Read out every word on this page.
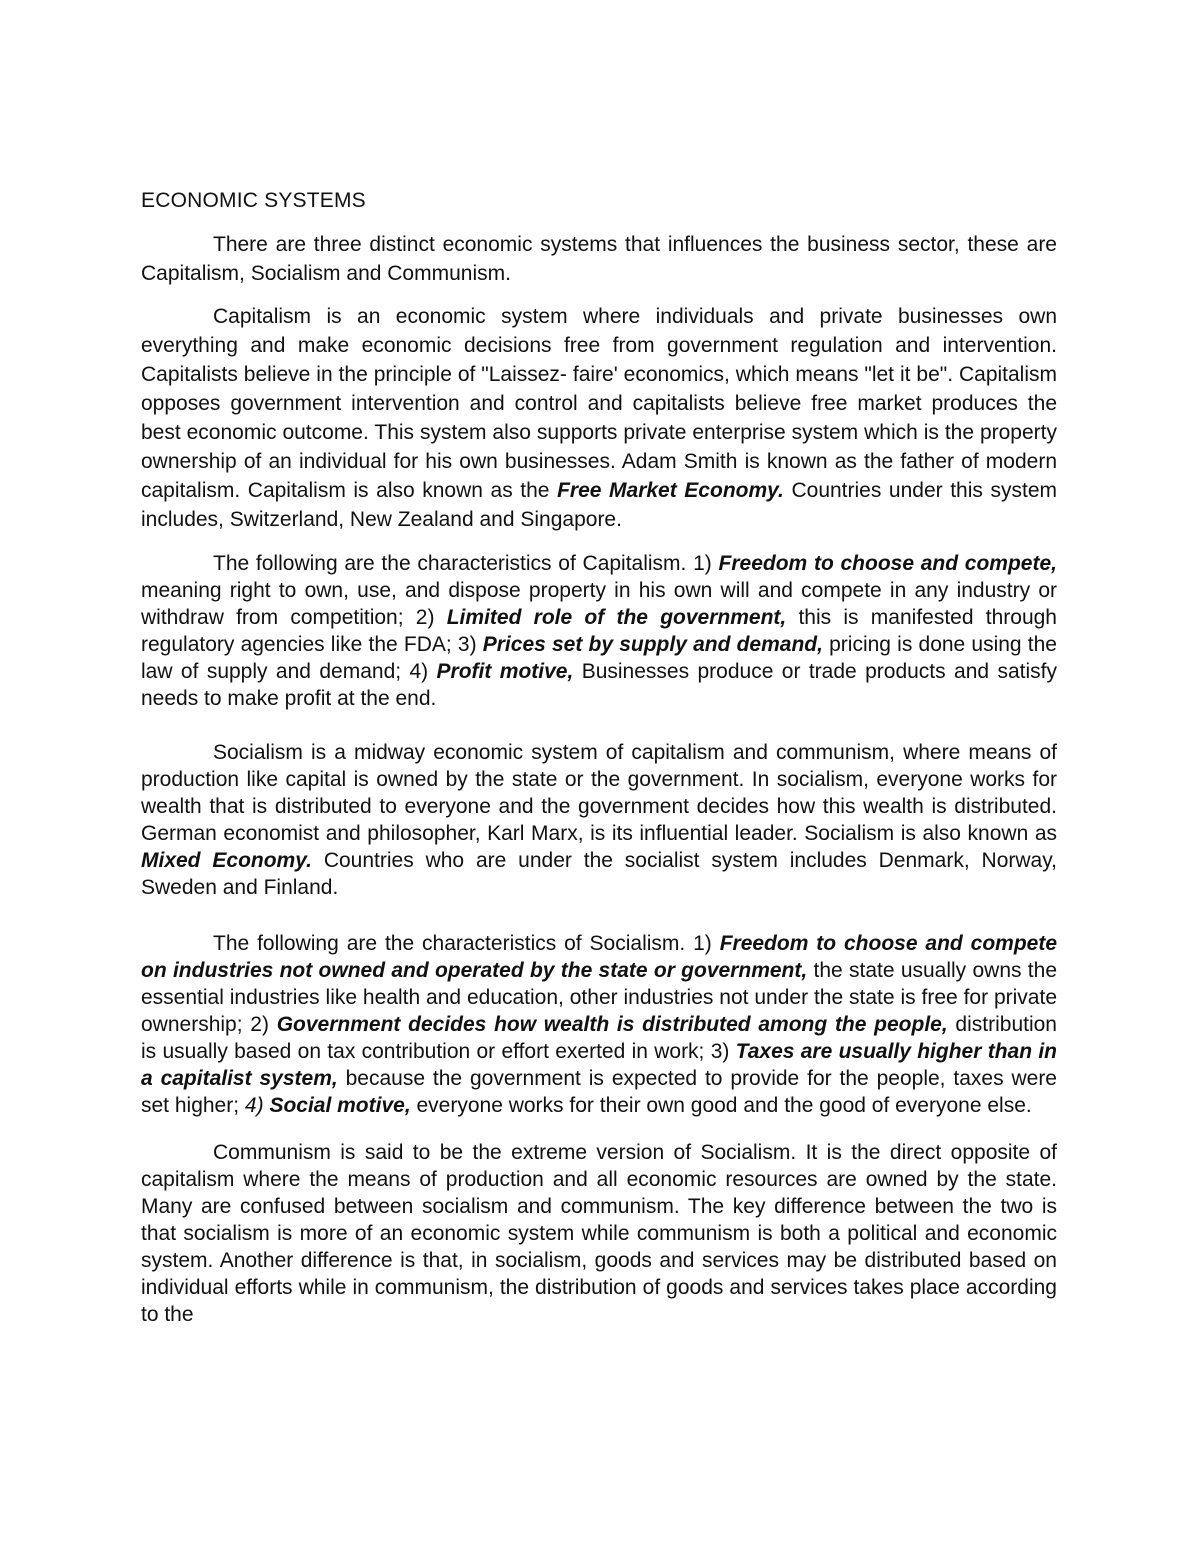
ECONOMIC SYSTEMS

There are three distinct economic systems that influences the business sector, these are Capitalism, Socialism and Communism.

Capitalism is an economic system where individuals and private businesses own everything and make economic decisions free from government regulation and intervention. Capitalists believe in the principle of "Laissez- faire' economics, which means "let it be". Capitalism opposes government intervention and control and capitalists believe free market produces the best economic outcome. This system also supports private enterprise system which is the property ownership of an individual for his own businesses. Adam Smith is known as the father of modern capitalism. Capitalism is also known as the Free Market Economy. Countries under this system includes, Switzerland, New Zealand and Singapore.

The following are the characteristics of Capitalism. 1) Freedom to choose and compete, meaning right to own, use, and dispose property in his own will and compete in any industry or withdraw from competition; 2) Limited role of the government, this is manifested through regulatory agencies like the FDA; 3) Prices set by supply and demand, pricing is done using the law of supply and demand; 4) Profit motive, Businesses produce or trade products and satisfy needs to make profit at the end.

Socialism is a midway economic system of capitalism and communism, where means of production like capital is owned by the state or the government. In socialism, everyone works for wealth that is distributed to everyone and the government decides how this wealth is distributed. German economist and philosopher, Karl Marx, is its influential leader. Socialism is also known as Mixed Economy. Countries who are under the socialist system includes Denmark, Norway, Sweden and Finland.

The following are the characteristics of Socialism. 1) Freedom to choose and compete on industries not owned and operated by the state or government, the state usually owns the essential industries like health and education, other industries not under the state is free for private ownership; 2) Government decides how wealth is distributed among the people, distribution is usually based on tax contribution or effort exerted in work; 3) Taxes are usually higher than in a capitalist system, because the government is expected to provide for the people, taxes were set higher; 4) Social motive, everyone works for their own good and the good of everyone else.

Communism is said to be the extreme version of Socialism. It is the direct opposite of capitalism where the means of production and all economic resources are owned by the state. Many are confused between socialism and communism. The key difference between the two is that socialism is more of an economic system while communism is both a political and economic system. Another difference is that, in socialism, goods and services may be distributed based on individual efforts while in communism, the distribution of goods and services takes place according to the
